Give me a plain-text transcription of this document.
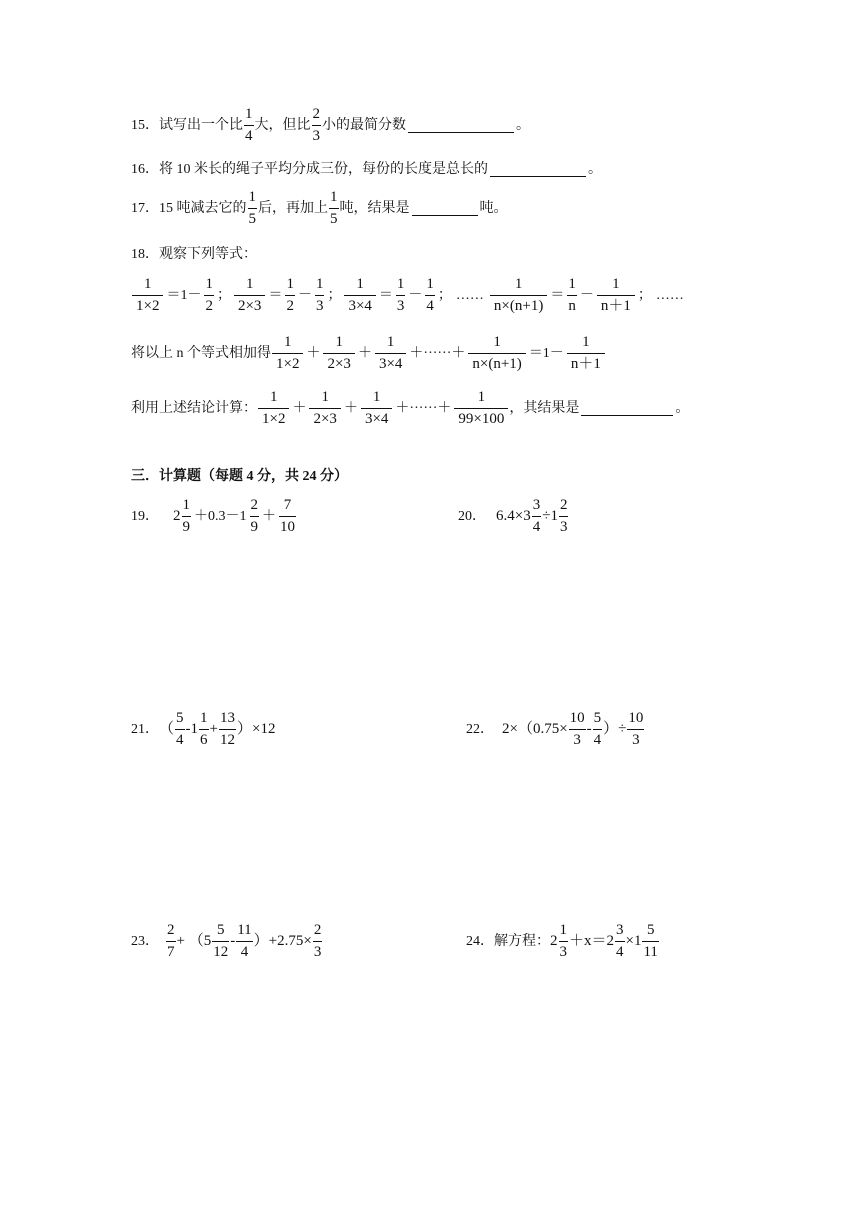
15． 试写出一个比 $\frac{1}{4}$ 大，但比 $\frac{2}{3}$ 小的最简分数	。
16． 将 10 米长的绳子平均分成三份，每份的长度是总长的	。
17． 15 吨减去它的 $\frac{1}{5}$ 后，再加上 $\frac{1}{5}$ 吨，结果是	吨。
18． 观察下列等式：
$\frac{1}{1\times 2} =1- \frac{1}{2}$ ； $\frac{1}{2\times 3} = \frac{1}{2} - \frac{1}{3}$ ； $\frac{1}{3\times 4} = \frac{1}{3} - \frac{1}{4}$ ； …… $\frac{1}{n\times(n+1)} = \frac{1}{n} - \frac{1}{n+1}$ ； ……
将以上 n 个等式相加得 $\frac{1}{1\times 2} + \frac{1}{2\times 3} + \frac{1}{3\times 4}$ ＋······＋ $\frac{1}{n\times(n+1)} =1- \frac{1}{n+1}$
利用上述结论计算： $\frac{1}{1\times 2} + \frac{1}{2\times 3} + \frac{1}{3\times 4}$ ＋······＋ $\frac{1}{99\times 100}$ ，其结果是	。
三．计算题（每题 4 分，共 24 分）
19． $2 \frac{1}{9} +0.3-1 \frac{2}{9} + \frac{7}{10}$	20． $6.4\times 3 \frac{3}{4} \div 1 \frac{2}{3}$
21． （ $\frac{5}{4} -1 \frac{1}{6} + \frac{13}{12} )\times 12$	22． $2\times(0.75\times \frac{10}{3} - \frac{5}{4}$ ）÷ $\frac{10}{3}$
23． $\frac{2}{7} + (5 \frac{5}{12} - \frac{11}{4} )+2.75\times \frac{2}{3}$	24． 解方程： $2 \frac{1}{3} +x=2 \frac{3}{4} \times 1 \frac{5}{11}$
